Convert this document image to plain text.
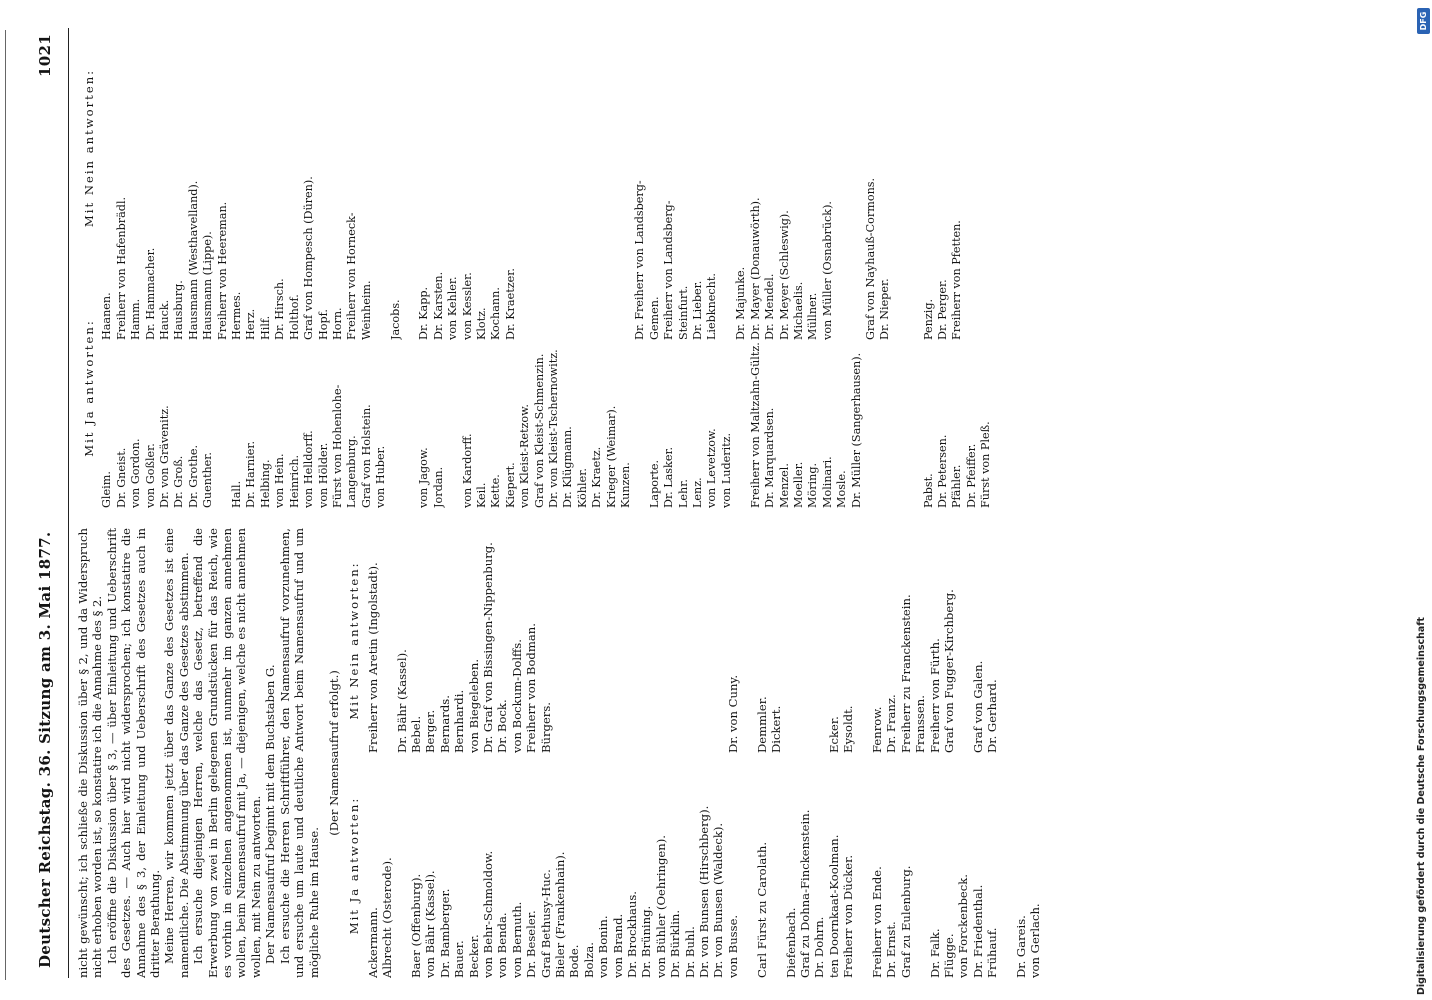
Deutscher Reichstag. 36. Sitzung am 3. Mai 1877.
1021

nicht gewünscht; ich schließe die Diskussion über § 2, und da Widerspruch nicht erhoben worden ist, so konstatire ich die Annahme des § 2. Ich eröffne die Diskussion über § 3, — über Einleitung und Ueberschrift des Gesetzes. — Auch hier wird nicht widersprochen; ich konstatire die Annahme des § 3, der Einleitung und Ueberschrift des Gesetzes auch in dritter Berathung. Meine Herren, wir kommen jetzt über das Ganze des Gesetzes ist eine namentliche. Die Abstimmung über das Ganze des Gesetzes abstimmen. Ich ersuche diejenigen Herren, welche das Gesetz, betreffend die Erwerbung von zwei in Berlin gelegenen Grundstücken für das Reich, wie es vorhin in einzelnen angenommen ist, nunmehr im ganzen annehmen wollen, beim Namensaufruf mit Ja, — diejenigen, welche es nicht annehmen wollen, mit Nein zu antworten. Der Namensaufruf beginnt mit dem Buchstaben G. Ich ersuche die Herren Schriftführer, den Namensaufruf vorzunehmen, und ersuche um laute und deutliche Antwort beim Namensaufruf und um mögliche Ruhe im Hause.

(Der Namensaufruf erfolgt.)
Mit Ja antworten:
Mit Nein antworten:
Ackermann.
Albrecht (Osterode).

Baer (Offenburg).
von Bähr (Kassel).
Dr. Bamberger.
Bauer.
Becker.
von Behr-Schmoldow.
von Benda.
von Bernuth.
Dr. Beseler.
Graf Bethusy-Huc.
Bieler (Frankenhain).
Bode.
Bolza.
von Bonin.
von Brand.
Dr. Brockhaus.
Dr. Brüning.
von Bühler (Oehringen).
Dr. Bürklin.
Dr. Buhl.
Dr. von Bunsen (Hirschberg).
Dr. von Bunsen (Waldeck).
von Busse.

Carl Fürst zu Carolath.

Diefenbach.
Graf zu Dohna-Finckenstein.
Dr. Dohrn.
ten Doornkaat-Koolman.
Freiherr von Dücker.

Freiherr von Ende.
Dr. Ernst.
Graf zu Eulenburg.

Dr. Falk.
Flügge.
von Forckenbeck.
Dr. Friedenthal.
Frühauf.

Dr. Gareis.
von Gerlach.
Freiherr von Aretin (Ingolstadt).

Dr. Bähr (Kassel).
Bebel.
Berger.
Bernards.
Bernhardi.
von Biegeleben.
Dr. Graf von Bissingen-Nippenburg.
Dr. Bock.
von Bockum-Dolffs.
Freiherr von Bodman.
Bürgers.

Dr. von Cuny.

Demmler.
Dickert.

Ecker.
Eysoldt.

Fenrow.
Dr. Franz.
Freiherr zu Franckenstein.
Franssen.
Freiherr von Fürth.
Graf von Fugger-Kirchberg.

Graf von Galen.
Dr. Gerhard.
Mit Ja antworten:
Mit Nein antworten:
Gleim.
Dr. Gneist.
von Gordon.
von Goßler.
Dr. von Grävenitz.
Dr. Groß.
Dr. Grothe.
Guenther.

Hall.
Dr. Harnier.
Helbing.
von Hein.
Heinrich.
von Helldorff.
von Hölder.
Fürst von Hohenlohe-Langenburg.
Graf von Holstein.
von Huber.

von Jagow.
Jordan.

von Kardorff.
Keil.
Kette.
Kiepert.
von Kleist-Retzow.
Graf von Kleist-Schmenzin.
Dr. von Kleist-Tschernowitz.
Dr. Klügmann.
Köhler.
Dr. Kraetz.
Krieger (Weimar).
Kunzen.

Laporte.
Dr. Lasker.
Lehr.
Lenz.
von Levetzow.
von Luderitz.

Freiherr von Maltzahn-Gültz.
Dr. Marquardsen.
Menzel.
Moeller.
Möring.
Molinari.
Mosle.
Dr. Müller (Sangerhausen).

Pabst.
Dr. Petersen.
Pfähler.
Dr. Pfeiffer.
Fürst von Pleß.
Haanen.
Freiherr von Hafenbrädl.
Hamm.
Dr. Hammacher.
Hauck.
Hausburg.
Hausmann (Westhavelland).
Hausmann (Lippe).
Freiherr von Heereman.
Hermes.
Herz.
Hilf.
Dr. Hirsch.
Holthof.
Graf von Hompesch (Düren).
Hopf.
Horn.
Freiherr von Horneck-Weinheim.

Jacobs.

Dr. Kapp.
Dr. Karsten.
von Kehler.
von Kessler.
Klotz.
Kochann.
Dr. Kraetzer.

Dr. Freiherr von Landsberg-Gemen.
Freiherr von Landsberg-Steinfurt.
Dr. Lieber.
Liebknecht.

Dr. Majunke.
Dr. Mayer (Donauwörth).
Dr. Mendel.
Dr. Meyer (Schleswig).
Michaelis.
Müllner.
von Müller (Osnabrück).

Graf von Nayhauß-Cormons.
Dr. Nieper.

Penzig.
Dr. Perger.
Freiherr von Pfetten.
DFG
Digitalisierung gefördert durch die Deutsche Forschungsgemeinschaft
